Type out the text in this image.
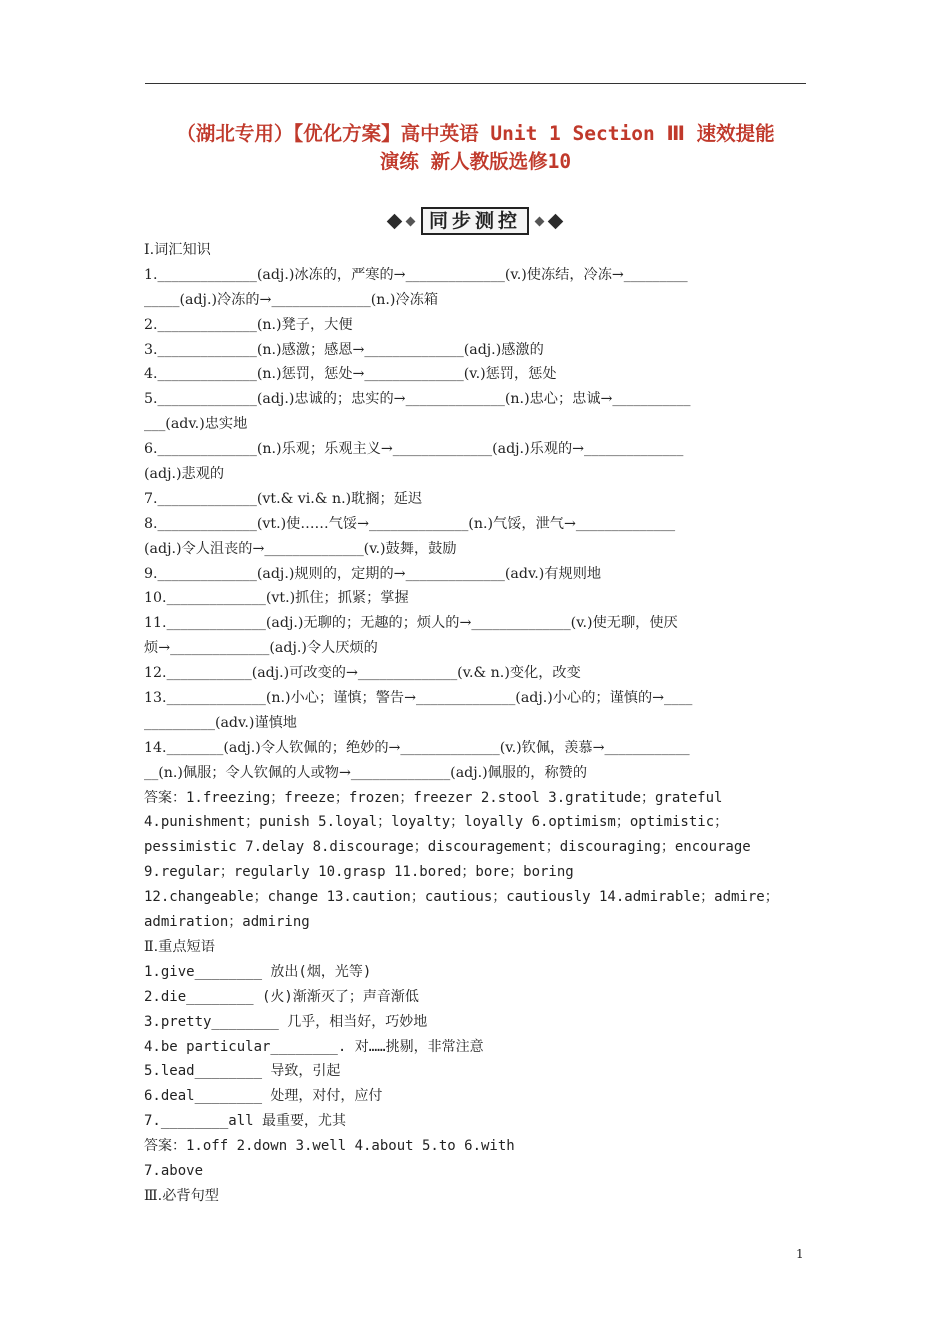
（湖北专用）【优化方案】高中英语 Unit 1 Section Ⅲ 速效提能
演练 新人教版选修10
同步测控
Ⅰ.词汇知识
1.______________(adj.)冰冻的，严寒的→______________(v.)使冻结，冷冻→_________
_____(adj.)冷冻的→______________(n.)冷冻箱
2.______________(n.)凳子，大便
3.______________(n.)感激；感恩→______________(adj.)感激的
4.______________(n.)惩罚，惩处→______________(v.)惩罚，惩处
5.______________(adj.)忠诚的；忠实的→______________(n.)忠心；忠诚→___________
___(adv.)忠实地
6.______________(n.)乐观；乐观主义→______________(adj.)乐观的→______________
(adj.)悲观的
7.______________(vt.& vi.& n.)耽搁；延迟
8.______________(vt.)使……气馁→______________(n.)气馁，泄气→______________
(adj.)令人沮丧的→______________(v.)鼓舞，鼓励
9.______________(adj.)规则的，定期的→______________(adv.)有规则地
10.______________(vt.)抓住；抓紧；掌握
11.______________(adj.)无聊的；无趣的；烦人的→______________(v.)使无聊，使厌
烦→______________(adj.)令人厌烦的
12.____________(adj.)可改变的→______________(v.& n.)变化，改变
13.______________(n.)小心；谨慎；警告→______________(adj.)小心的；谨慎的→____
__________(adv.)谨慎地
14.________(adj.)令人钦佩的；绝妙的→______________(v.)钦佩，羡慕→____________
__(n.)佩服；令人钦佩的人或物→______________(adj.)佩服的，称赞的
答案：1.freezing；freeze；frozen；freezer 2.stool 3.gratitude；grateful
4.punishment；punish 5.loyal；loyalty；loyally 6.optimism；optimistic；
pessimistic 7.delay 8.discourage；discouragement；discouraging；encourage
9.regular；regularly 10.grasp 11.bored；bore；boring
12.changeable；change 13.caution；cautious；cautiously 14.admirable；admire；
admiration；admiring
Ⅱ.重点短语
1.give________ 放出(烟，光等)
2.die________ (火)渐渐灭了；声音渐低
3.pretty________ 几乎，相当好，巧妙地
4.be particular________. 对……挑剔，非常注意
5.lead________ 导致，引起
6.deal________ 处理，对付，应付
7.________all 最重要，尤其
答案：1.off 2.down 3.well 4.about 5.to 6.with
7.above
Ⅲ.必背句型
1
